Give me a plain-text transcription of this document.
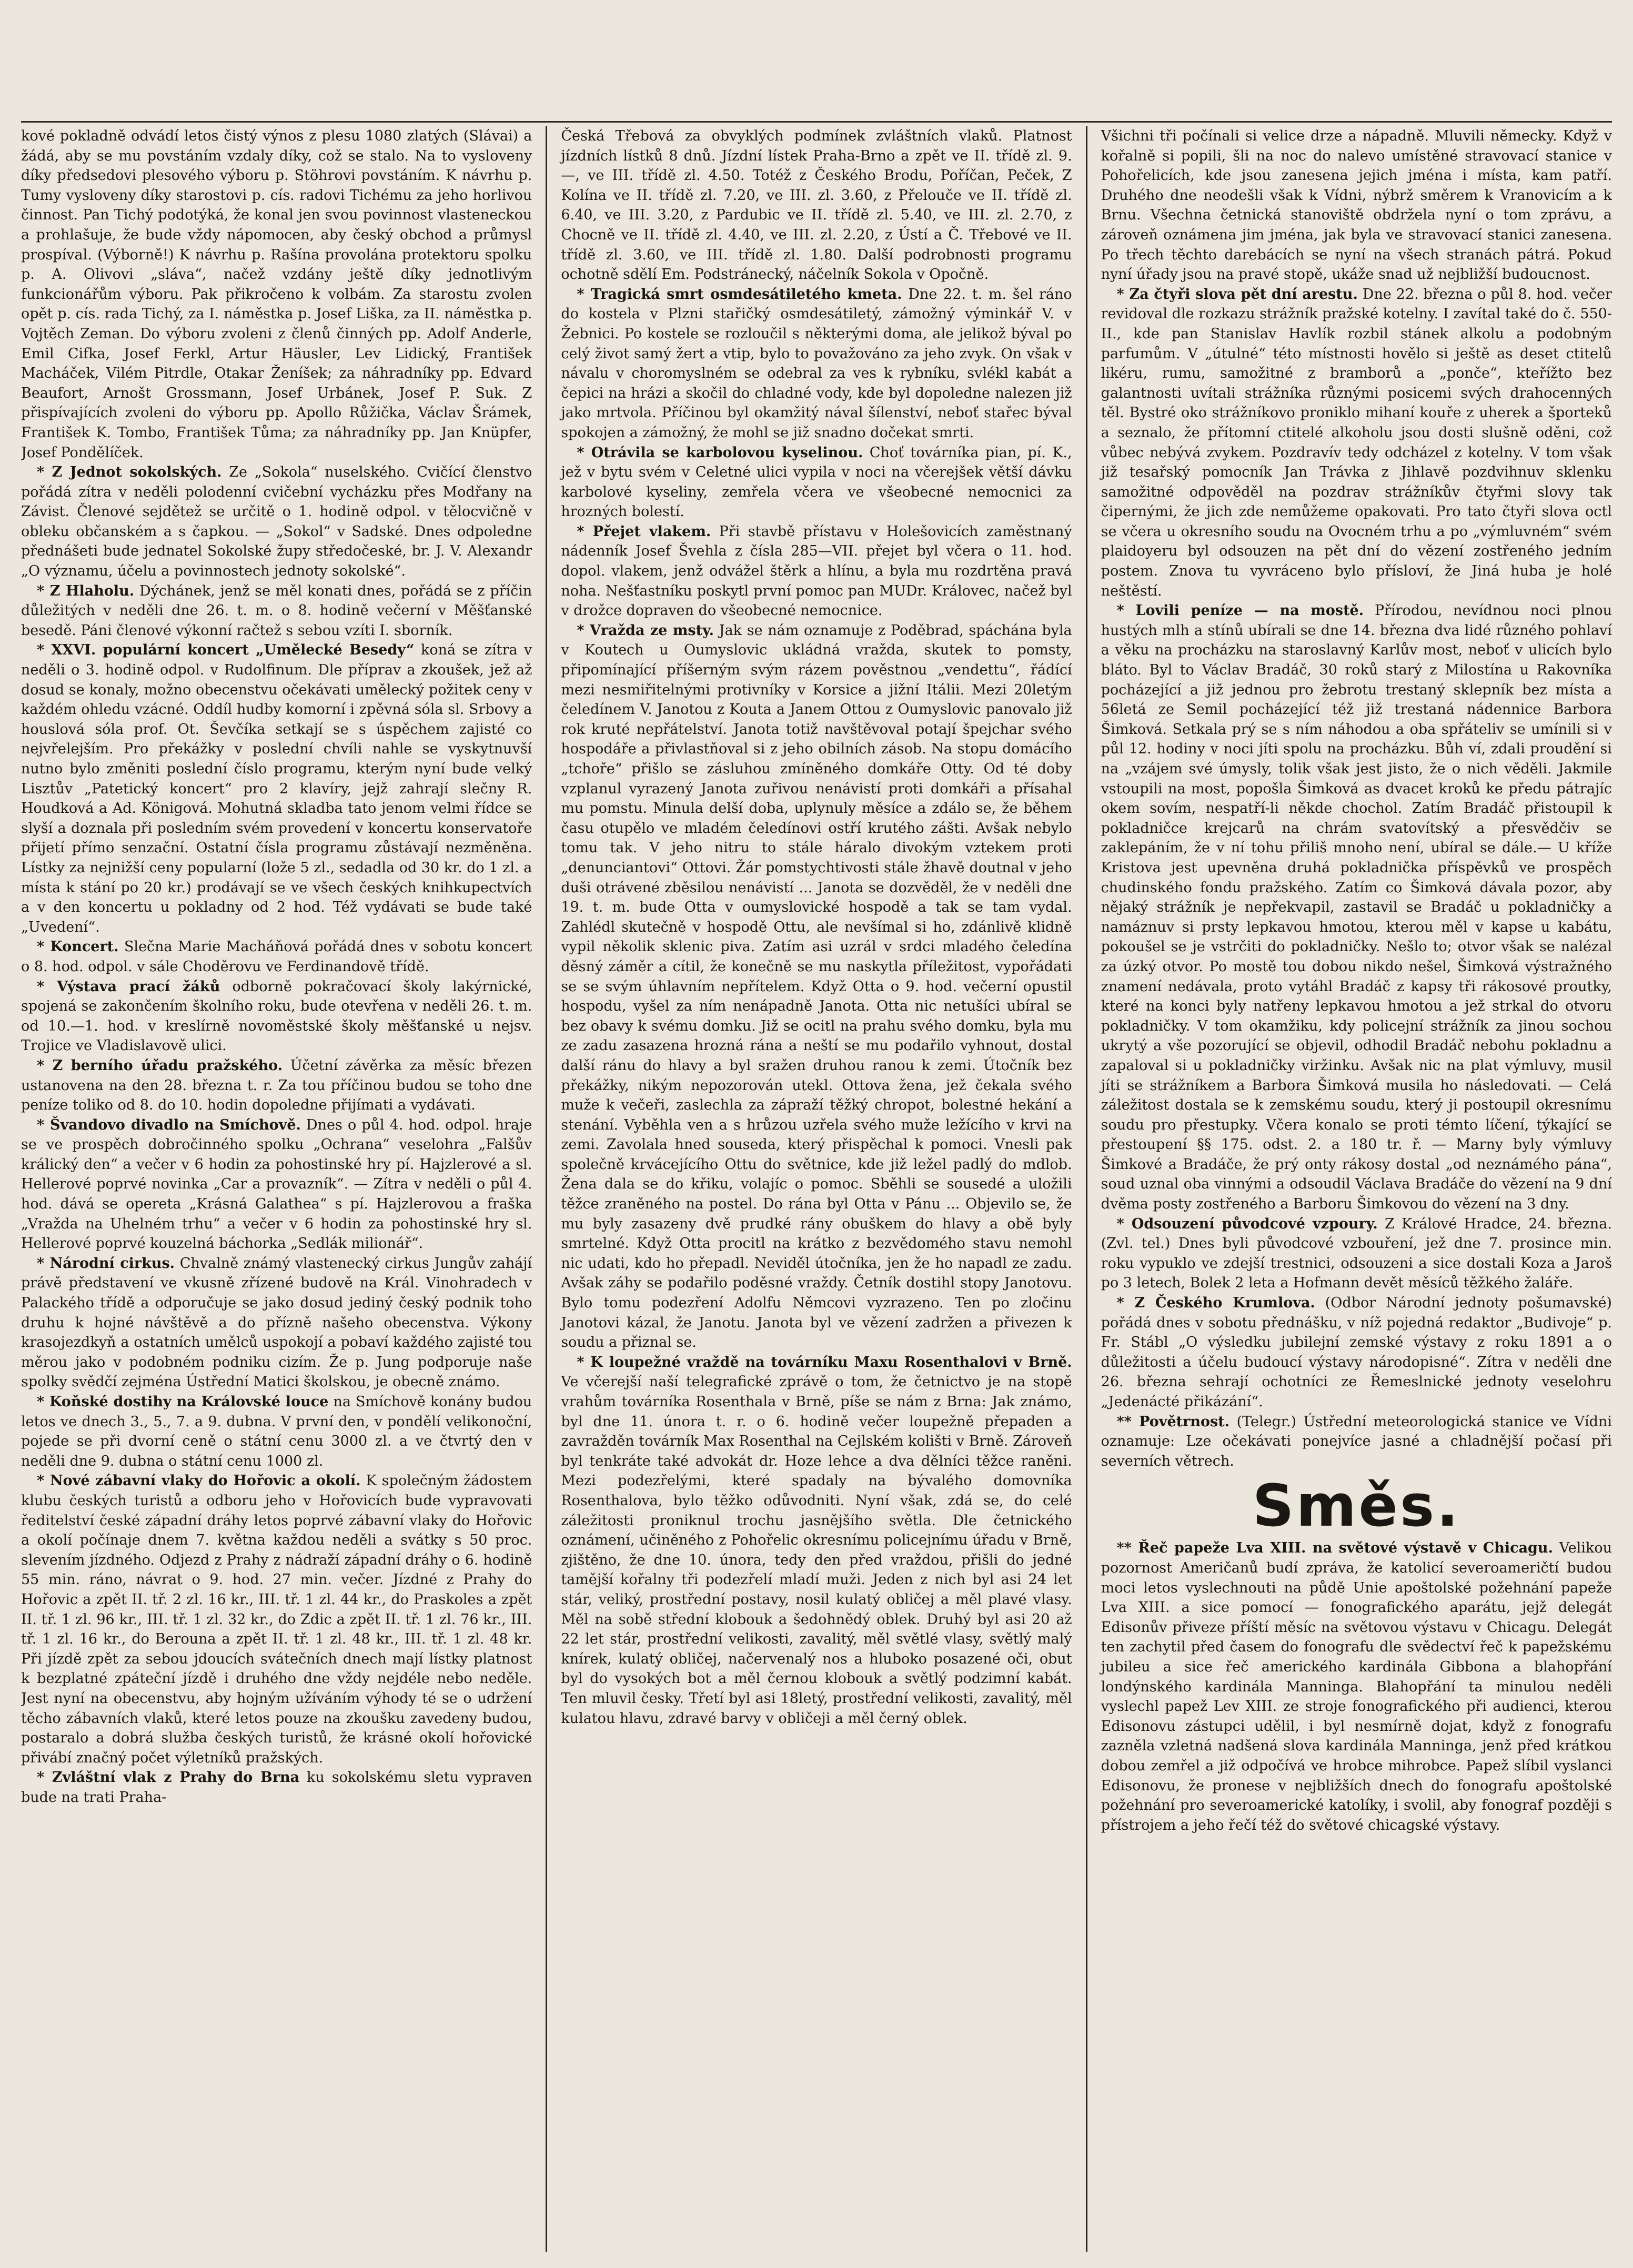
kové pokladně odvádí letos čistý výnos z plesu 1080 zlatých (Slávai) a žádá, aby se mu povstáním vzdaly díky, což se stalo. Na to vysloveny díky předsedovi plesového výboru p. Stöhrovi povstáním. K návrhu p. Tumy vysloveny díky starostovi p. cís. radovi Tichému za jeho horlivou činnost. Pan Tichý podotýká, že konal jen svou povinnost vlasteneckou a prohlašuje, že bude vždy nápomocen, aby český obchod a průmysl prospíval. (Výborně!) K návrhu p. Rašína provolána protektoru spolku p. A. Olivovi „sláva“, načež vzdány ještě díky jednotlivým funkcionářům výboru. Pak přikročeno k volbám. Za starostu zvolen opět p. cís. rada Tichý, za I. náměstka p. Josef Liška, za II. náměstka p. Vojtěch Zeman. Do výboru zvoleni z členů činných pp. Adolf Anderle, Emil Cifka, Josef Ferkl, Artur Häusler, Lev Lidický, František Macháček, Vilém Pitrdle, Otakar Ženíšek; za náhradníky pp. Edvard Beaufort, Arnošt Grossmann, Josef Urbánek, Josef P. Suk. Z přispívajících zvoleni do výboru pp. Apollo Růžička, Václav Šrámek, František K. Tombo, František Tůma; za náhradníky pp. Jan Knüpfer, Josef Pondělíček.

* Z Jednot sokolských. Ze „Sokola“ nuselského. Cvičící členstvo pořádá zítra v neděli polodenní cvičební vycházku přes Modřany na Závist. Členové sejdětež se určitě o 1. hodině odpol. v tělocvičně v obleku občanském a s čapkou. — „Sokol“ v Sadské. Dnes odpoledne přednášeti bude jednatel Sokolské župy středočeské, br. J. V. Alexandr „O významu, účelu a povinnostech jednoty sokolské“.

* Z Hlaholu. Dýchánek, jenž se měl konati dnes, pořádá se z příčin důležitých v neděli dne 26. t. m. o 8. hodině večerní v Měšťanské besedě. Páni členové výkonní račtež s sebou vzíti I. sborník.

* XXVI. populární koncert „Umělecké Besedy“ koná se zítra v neděli o 3. hodině odpol. v Rudolfinum. Dle příprav a zkoušek, jež až dosud se konaly, možno obecenstvu očekávati umělecký požitek ceny v každém ohledu vzácné. Oddíl hudby komorní i zpěvná sóla sl. Srbovy a houslová sóla prof. Ot. Ševčíka setkají se s úspěchem zajisté co nejvřelejším. Pro překážky v poslední chvíli nahle se vyskytnuvší nutno bylo změniti poslední číslo programu, kterým nyní bude velký Lisztův „Patetický koncert“ pro 2 klavíry, jejž zahrají slečny R. Houdková a Ad. Königová. Mohutná skladba tato jenom velmi řídce se slyší a doznala při posledním svém provedení v koncertu konservatoře přijetí přímo senzační. Ostatní čísla programu zůstávají nezměněna. Lístky za nejnižší ceny popularní (lože 5 zl., sedadla od 30 kr. do 1 zl. a místa k stání po 20 kr.) prodávají se ve všech českých knihkupectvích a v den koncertu u pokladny od 2 hod. Též vydávati se bude také „Uvedení“.

* Koncert. Slečna Marie Macháňová pořádá dnes v sobotu koncert o 8. hod. odpol. v sále Choděrovu ve Ferdinandově třídě.

* Výstava prací žáků odborně pokračovací školy lakýrnické, spojená se zakončením školního roku, bude otevřena v neděli 26. t. m. od 10.—1. hod. v kreslírně novoměstské školy měšťanské u nejsv. Trojice ve Vladislavově ulici.

* Z berního úřadu pražského. Účetní závěrka za měsíc březen ustanovena na den 28. března t. r. Za tou příčinou budou se toho dne peníze toliko od 8. do 10. hodin dopoledne přijímati a vydávati.

* Švandovo divadlo na Smíchově. Dnes o půl 4. hod. odpol. hraje se ve prospěch dobročinného spolku „Ochrana“ veselohra „Falšův králický den“ a večer v 6 hodin za pohostinské hry pí. Hajzlerové a sl. Hellerové poprvé novinka „Car a provazník“. — Zítra v neděli o půl 4. hod. dává se opereta „Krásná Galathea“ s pí. Hajzlerovou a fraška „Vražda na Uhelném trhu“ a večer v 6 hodin za pohostinské hry sl. Hellerové poprvé kouzelná báchorka „Sedlák milionář“.

* Národní cirkus. Chvalně známý vlastenecký cirkus Jungův zahájí právě představení ve vkusně zřízené budově na Král. Vinohradech v Palackého třídě a odporučuje se jako dosud jediný český podnik toho druhu k hojné návštěvě a do přízně našeho obecenstva. Výkony krasojezdkyň a ostatních umělců uspokojí a pobaví každého zajisté tou měrou jako v podobném podniku cizím. Že p. Jung podporuje naše spolky svědčí zejména Ústřední Matici školskou, je obecně známo.

* Koňské dostihy na Královské louce na Smíchově konány budou letos ve dnech 3., 5., 7. a 9. dubna. V první den, v pondělí velikonoční, pojede se při dvorní ceně o státní cenu 3000 zl. a ve čtvrtý den v neděli dne 9. dubna o státní cenu 1000 zl.

* Nové zábavní vlaky do Hořovic a okolí. K společným žádostem klubu českých turistů a odboru jeho v Hořovicích bude vypravovati ředitelství české západní dráhy letos poprvé zábavní vlaky do Hořovic a okolí počínaje dnem 7. května každou neděli a svátky s 50 proc. slevením jízdného. Odjezd z Prahy z nádraží západní dráhy o 6. hodině 55 min. ráno, návrat o 9. hod. 27 min. večer. Jízdné z Prahy do Hořovic a zpět II. tř. 2 zl. 16 kr., III. tř. 1 zl. 44 kr., do Praskoles a zpět II. tř. 1 zl. 96 kr., III. tř. 1 zl. 32 kr., do Zdic a zpět II. tř. 1 zl. 76 kr., III. tř. 1 zl. 16 kr., do Berouna a zpět II. tř. 1 zl. 48 kr., III. tř. 1 zl. 48 kr. Při jízdě zpět za sebou jdoucích svátečních dnech mají lístky platnost k bezplatné zpáteční jízdě i druhého dne vždy nejdéle nebo neděle. Jest nyní na obecenstvu, aby hojným užíváním výhody té se o udržení těcho zábavních vlaků, které letos pouze na zkoušku zavedeny budou, postaralo a dobrá služba českých turistů, že krásné okolí hořovické přivábí značný počet výletníků pražských.

* Zvláštní vlak z Prahy do Brna ku sokolskému sletu vypraven bude na trati Praha-

Česká Třebová za obvyklých podmínek zvláštních vlaků. Platnost jízdních lístků 8 dnů. Jízdní lístek Praha-Brno a zpět ve II. třídě zl. 9.—, ve III. třídě zl. 4.50. Totéž z Českého Brodu, Poříčan, Peček, Z Kolína ve II. třídě zl. 7.20, ve III. zl. 3.60, z Přelouče ve II. třídě zl. 6.40, ve III. 3.20, z Pardubic ve II. třídě zl. 5.40, ve III. zl. 2.70, z Chocně ve II. třídě zl. 4.40, ve III. zl. 2.20, z Ústí a Č. Třebové ve II. třídě zl. 3.60, ve III. třídě zl. 1.80. Další podrobnosti programu ochotně sdělí Em. Podstránecký, náčelník Sokola v Opočně.

* Tragická smrt osmdesátiletého kmeta. Dne 22. t. m. šel ráno do kostela v Plzni stařičký osmdesátiletý, zámožný výminkář V. v Žebnici. Po kostele se rozloučil s některými doma, ale jelikož býval po celý život samý žert a vtip, bylo to považováno za jeho zvyk. On však v návalu v choromyslném se odebral za ves k rybníku, svlékl kabát a čepici na hrázi a skočil do chladné vody, kde byl dopoledne nalezen již jako mrtvola. Příčinou byl okamžitý nával šílenství, neboť stařec býval spokojen a zámožný, že mohl se již snadno dočekat smrti.

* Otrávila se karbolovou kyselinou. Choť továrníka pian, pí. K., jež v bytu svém v Celetné ulici vypila v noci na včerejšek větší dávku karbolové kyseliny, zemřela včera ve všeobecné nemocnici za hrozných bolestí.

* Přejet vlakem. Při stavbě přístavu v Holešovicích zaměstnaný nádenník Josef Švehla z čísla 285—VII. přejet byl včera o 11. hod. dopol. vlakem, jenž odvážel štěrk a hlínu, a byla mu rozdrtěna pravá noha. Nešťastníku poskytl první pomoc pan MUDr. Královec, načež byl v drožce dopraven do všeobecné nemocnice.

* Vražda ze msty. Jak se nám oznamuje z Poděbrad, spáchána byla v Koutech u Oumyslovic ukládná vražda, skutek to pomsty, připomínající příšerným svým rázem pověstnou „vendettu“, řádící mezi nesmiřitelnými protivníky v Korsice a jižní Itálii. Mezi 20letým čeledínem V. Janotou z Kouta a Janem Ottou z Oumyslovic panovalo již rok kruté nepřátelství. Janota totiž navštěvoval potají špejchar svého hospodáře a přivlastňoval si z jeho obilních zásob. Na stopu domácího „tchoře“ přišlo se zásluhou zmíněného domkáře Otty. Od té doby vzplanul vyrazený Janota zuřivou nenávistí proti domkáři a přísahal mu pomstu. Minula delší doba, uplynuly měsíce a zdálo se, že během času otupělo ve mladém čeledínovi ostří krutého zášti. Avšak nebylo tomu tak. V jeho nitru to stále háralo divokým vztekem proti „denunciantovi“ Ottovi. Žár pomstychtivosti stále žhavě doutnal v jeho duši otrávené zběsilou nenávistí ... Janota se dozvěděl, že v neděli dne 19. t. m. bude Otta v oumyslovické hospodě a tak se tam vydal. Zahlédl skutečně v hospodě Ottu, ale nevšímal si ho, zdánlivě klidně vypil několik sklenic piva. Zatím asi uzrál v srdci mladého čeledína děsný záměr a cítil, že konečně se mu naskytla příležitost, vypořádati se se svým úhlavním nepřítelem. Když Otta o 9. hod. večerní opustil hospodu, vyšel za ním nenápadně Janota. Otta nic netušíci ubíral se bez obavy k svému domku. Již se ocitl na prahu svého domku, byla mu ze zadu zasazena hrozná rána a neští se mu podařilo vyhnout, dostal další ránu do hlavy a byl sražen druhou ranou k zemi. Útočník bez překážky, nikým nepozorován utekl. Ottova žena, jež čekala svého muže k večeři, zaslechla za zápraží těžký chropot, bolestné hekání a stenání. Vyběhla ven a s hrůzou uzřela svého muže ležícího v krvi na zemi. Zavolala hned souseda, který přispěchal k pomoci. Vnesli pak společně krvácejícího Ottu do světnice, kde již ležel padlý do mdlob. Žena dala se do křiku, volajíc o pomoc. Sběhli se sousedé a uložili těžce zraněného na postel. Do rána byl Otta v Pánu ... Objevilo se, že mu byly zasazeny dvě prudké rány obuškem do hlavy a obě byly smrtelné. Když Otta procitl na krátko z bezvědomého stavu nemohl nic udati, kdo ho přepadl. Neviděl útočníka, jen že ho napadl ze zadu. Avšak záhy se podařilo poděsné vraždy. Četník dostihl stopy Janotovu. Bylo tomu podezření Adolfu Němcovi vyzrazeno. Ten po zločinu Janotovi kázal, že Janotu. Janota byl ve vězení zadržen a přivezen k soudu a přiznal se.

* K loupežné vraždě na továrníku Maxu Rosenthalovi v Brně. Ve včerejší naší telegrafické zprávě o tom, že četnictvo je na stopě vrahům továrníka Rosenthala v Brně, píše se nám z Brna: Jak známo, byl dne 11. února t. r. o 6. hodině večer loupežně přepaden a zavražděn továrník Max Rosenthal na Cejlském kolišti v Brně. Zároveň byl tenkráte také advokát dr. Hoze lehce a dva dělníci těžce raněni. Mezi podezřelými, které spadaly na bývalého domovníka Rosenthalova, bylo těžko odůvodniti. Nyní však, zdá se, do celé záležitosti proniknul trochu jasnějšího světla. Dle četnického oznámení, učiněného z Pohořelic okresnímu policejnímu úřadu v Brně, zjištěno, že dne 10. února, tedy den před vraždou, přišli do jedné tamější kořalny tři podezřelí mladí muži. Jeden z nich byl asi 24 let stár, veliký, prostřední postavy, nosil kulatý obličej a měl plavé vlasy. Měl na sobě střední klobouk a šedohnědý oblek. Druhý byl asi 20 až 22 let stár, prostřední velikosti, zavalitý, měl světlé vlasy, světlý malý knírek, kulatý obličej, načervenalý nos a hluboko posazené oči, obut byl do vysokých bot a měl černou klobouk a světlý podzimní kabát. Ten mluvil česky. Třetí byl asi 18letý, prostřední velikosti, zavalitý, měl kulatou hlavu, zdravé barvy v obličeji a měl černý oblek.

Všichni tři počínali si velice drze a nápadně. Mluvili německy. Když v kořalně si popili, šli na noc do nalevo umístěné stravovací stanice v Pohořelicích, kde jsou zanesena jejich jména i místa, kam patří. Druhého dne neodešli však k Vídni, nýbrž směrem k Vranovicím a k Brnu. Všechna četnická stanoviště obdržela nyní o tom zprávu, a zároveň oznámena jim jména, jak byla ve stravovací stanici zanesena. Po třech těchto darebácích se nyní na všech stranách pátrá. Pokud nyní úřady jsou na pravé stopě, ukáže snad už nejbližší budoucnost.

* Za čtyři slova pět dní arestu. Dne 22. března o půl 8. hod. večer revidoval dle rozkazu strážník pražské kotelny. I zavítal také do č. 550-II., kde pan Stanislav Havlík rozbil stánek alkolu a podobným parfumům. V „útulné“ této místnosti hovělo si ještě as deset ctitelů likéru, rumu, samožitné z bramborů a „ponče“, kteřížto bez galantnosti uvítali strážníka různými posicemi svých drahocenných těl. Bystré oko strážníkovo proniklo mihaní kouře z uherek a športeků a seznalo, že přítomní ctitelé alkoholu jsou dosti slušně oděni, což vůbec nebývá zvykem. Pozdravív tedy odcházel z kotelny. V tom však již tesařský pomocník Jan Trávka z Jihlavě pozdvihnuv sklenku samožitné odpověděl na pozdrav strážníkův čtyřmi slovy tak čipernými, že jich zde nemůžeme opakovati. Pro tato čtyři slova octl se včera u okresního soudu na Ovocném trhu a po „výmluvném“ svém plaidoyeru byl odsouzen na pět dní do vězení zostřeného jedním postem. Znova tu vyvráceno bylo přísloví, že Jiná huba je holé neštěstí.

* Lovili peníze — na mostě. Přírodou, nevídnou noci plnou hustých mlh a stínů ubírali se dne 14. března dva lidé různého pohlaví a věku na procházku na staroslavný Karlův most, neboť v ulicích bylo bláto. Byl to Václav Bradáč, 30 roků starý z Milostína u Rakovníka pocházející a již jednou pro žebrotu trestaný sklepník bez místa a 56letá ze Semil pocházející též již trestaná nádennice Barbora Šimková. Setkala prý se s ním náhodou a oba spřáteliv se umínili si v půl 12. hodiny v noci jíti spolu na procházku. Bůh ví, zdali proudění si na „vzájem své úmysly, tolik však jest jisto, že o nich věděli. Jakmile vstoupili na most, popošla Šimková as dvacet kroků ke předu pátrajíc okem sovím, nespatří-li někde chochol. Zatím Bradáč přistoupil k pokladničce krejcarů na chrám svatovítský a přesvědčiv se zaklepáním, že v ní tohu přiliš mnoho není, ubíral se dále.— U kříže Kristova jest upevněna druhá pokladnička příspěvků ve prospěch chudinského fondu pražského. Zatím co Šimková dávala pozor, aby nějaký strážník je nepřekvapil, zastavil se Bradáč u pokladničky a namáznuv si prsty lepkavou hmotou, kterou měl v kapse u kabátu, pokoušel se je vstrčiti do pokladničky. Nešlo to; otvor však se nalézal za úzký otvor. Po mostě tou dobou nikdo nešel, Šimková výstražného znamení nedávala, proto vytáhl Bradáč z kapsy tři rákosové proutky, které na konci byly natřeny lepkavou hmotou a jež strkal do otvoru pokladničky. V tom okamžiku, kdy policejní strážník za jinou sochou ukrytý a vše pozorující se objevil, odhodil Bradáč nebohu pokladnu a zapaloval si u pokladničky viržinku. Avšak nic na plat výmluvy, musil jíti se strážníkem a Barbora Šimková musila ho následovati. — Celá záležitost dostala se k zemskému soudu, který ji postoupil okresnímu soudu pro přestupky. Včera konalo se proti témto líčení, týkající se přestoupení §§ 175. odst. 2. a 180 tr. ř. — Marny byly výmluvy Šimkové a Bradáče, že prý onty rákosy dostal „od neznámého pána“, soud uznal oba vinnými a odsoudil Václava Bradáče do vězení na 9 dní dvěma posty zostřeného a Barboru Šimkovou do vězení na 3 dny.

* Odsouzení původcové vzpoury. Z Králové Hradce, 24. března. (Zvl. tel.) Dnes byli původcové vzbouření, jež dne 7. prosince min. roku vypuklo ve zdejší trestnici, odsouzeni a sice dostali Koza a Jaroš po 3 letech, Bolek 2 leta a Hofmann devět měsíců těžkého žaláře.

* Z Českého Krumlova. (Odbor Národní jednoty pošumavské) pořádá dnes v sobotu přednášku, v níž pojedná redaktor „Budivoje“ p. Fr. Stábl „O výsledku jubilejní zemské výstavy z roku 1891 a o důležitosti a účelu budoucí výstavy národopisné“. Zítra v neděli dne 26. března sehrají ochotníci ze Řemeslnické jednoty veselohru „Jedenácté přikázání“.

** Povětrnost. (Telegr.) Ústřední meteorologická stanice ve Vídni oznamuje: Lze očekávati ponejvíce jasné a chladnější počasí při severních větrech.

Směs.

** Řeč papeže Lva XIII. na světové výstavě v Chicagu. Velikou pozornost Američanů budí zpráva, že katolicí severoameričtí budou moci letos vyslechnouti na půdě Unie apoštolské požehnání papeže Lva XIII. a sice pomocí — fonografického aparátu, jejž delegát Edisonův přiveze příští měsíc na světovou výstavu v Chicagu. Delegát ten zachytil před časem do fonografu dle svědectví řeč k papežskému jubileu a sice řeč amerického kardinála Gibbona a blahopřání londýnského kardinála Manninga. Blahopřání ta minulou neděli vyslechl papež Lev XIII. ze stroje fonografického při audienci, kterou Edisonovu zástupci udělil, i byl nesmírně dojat, když z fonografu zazněla vzletná nadšená slova kardinála Manninga, jenž před krátkou dobou zemřel a již odpočívá ve hrobce mihrobce. Papež slíbil vyslanci Edisonovu, že pronese v nejbližších dnech do fonografu apoštolské požehnání pro severoamerické katolíky, i svolil, aby fonograf později s přístrojem a jeho řečí též do světové chicagské výstavy.
